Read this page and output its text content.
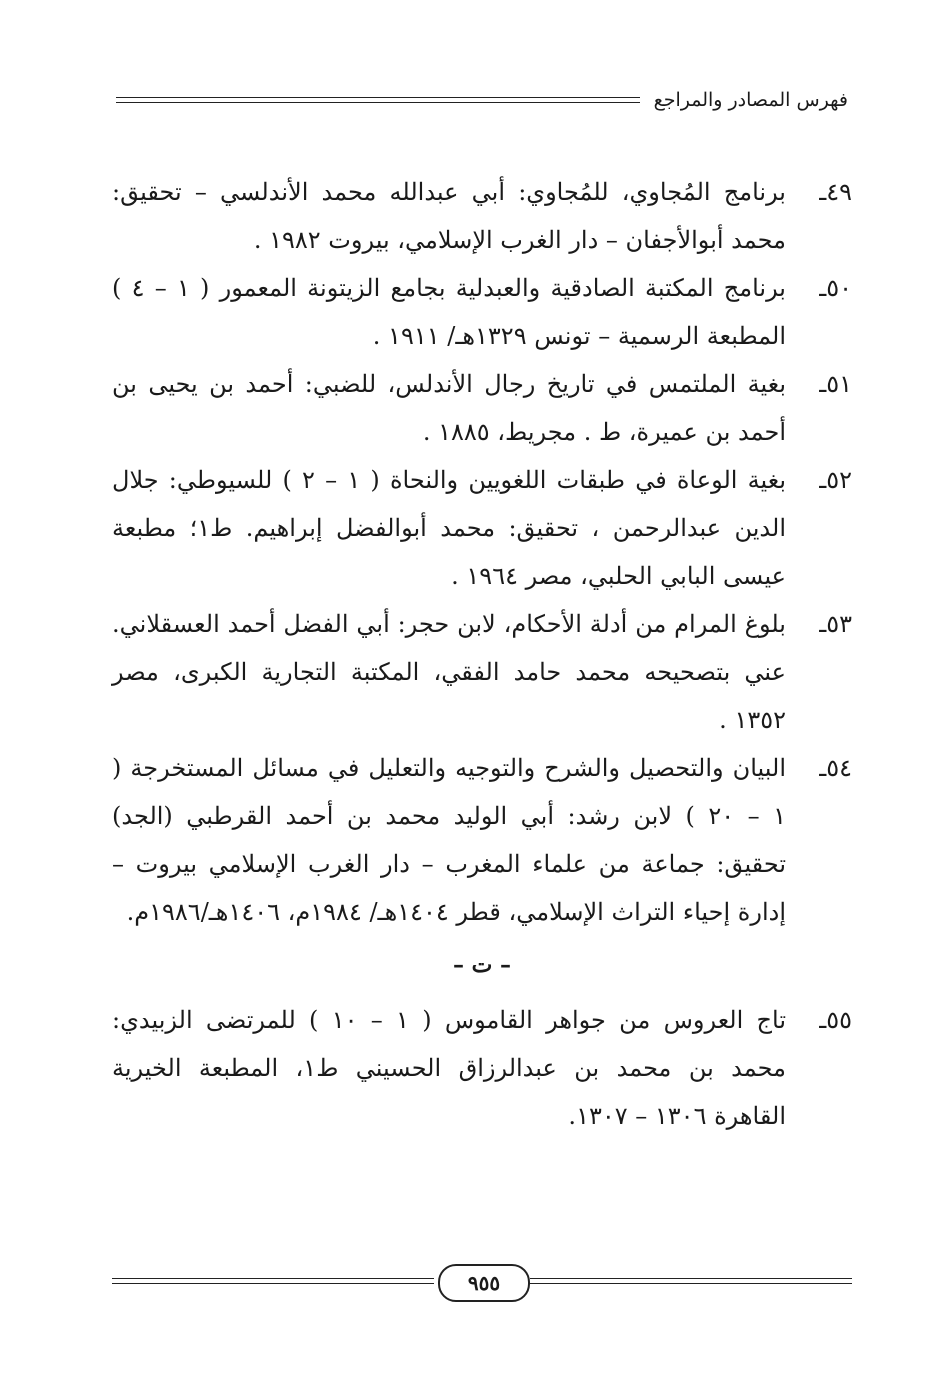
فهرس المصادر والمراجع
٤٩ـ
برنامج المُجاوي، للمُجاوي: أبي عبدالله محمد الأندلسي – تحقيق: محمد أبوالأجفان – دار الغرب الإسلامي، بيروت ١٩٨٢ .
٥٠ـ
برنامج المكتبة الصادقية والعبدلية بجامع الزيتونة المعمور ( ١ – ٤ ) المطبعة الرسمية – تونس ١٣٢٩هـ/ ١٩١١ .
٥١ـ
بغية الملتمس في تاريخ رجال الأندلس، للضبي: أحمد بن يحيى بن أحمد بن عميرة، ط . مجريط، ١٨٨٥ .
٥٢ـ
بغية الوعاة في طبقات اللغويين والنحاة ( ١ – ٢ ) للسيوطي: جلال الدين عبدالرحمن ، تحقيق: محمد أبوالفضل إبراهيم. ط١؛ مطبعة عيسى البابي الحلبي، مصر ١٩٦٤ .
٥٣ـ
بلوغ المرام من أدلة الأحكام، لابن حجر: أبي الفضل أحمد العسقلاني. عني بتصحيحه محمد حامد الفقي، المكتبة التجارية الكبرى، مصر ١٣٥٢ .
٥٤ـ
البيان والتحصيل والشرح والتوجيه والتعليل في مسائل المستخرجة ( ١ – ٢٠ ) لابن رشد: أبي الوليد محمد بن أحمد القرطبي (الجد) تحقيق: جماعة من علماء المغرب – دار الغرب الإسلامي بيروت – إدارة إحياء التراث الإسلامي، قطر ١٤٠٤هـ/ ١٩٨٤م، ١٤٠٦هـ/١٩٨٦م.
– ت –
٥٥ـ
تاج العروس من جواهر القاموس ( ١ – ١٠ ) للمرتضى الزبيدي: محمد بن محمد بن عبدالرزاق الحسيني ط١، المطبعة الخيرية القاهرة ١٣٠٦ – ١٣٠٧.
٩٥٥
